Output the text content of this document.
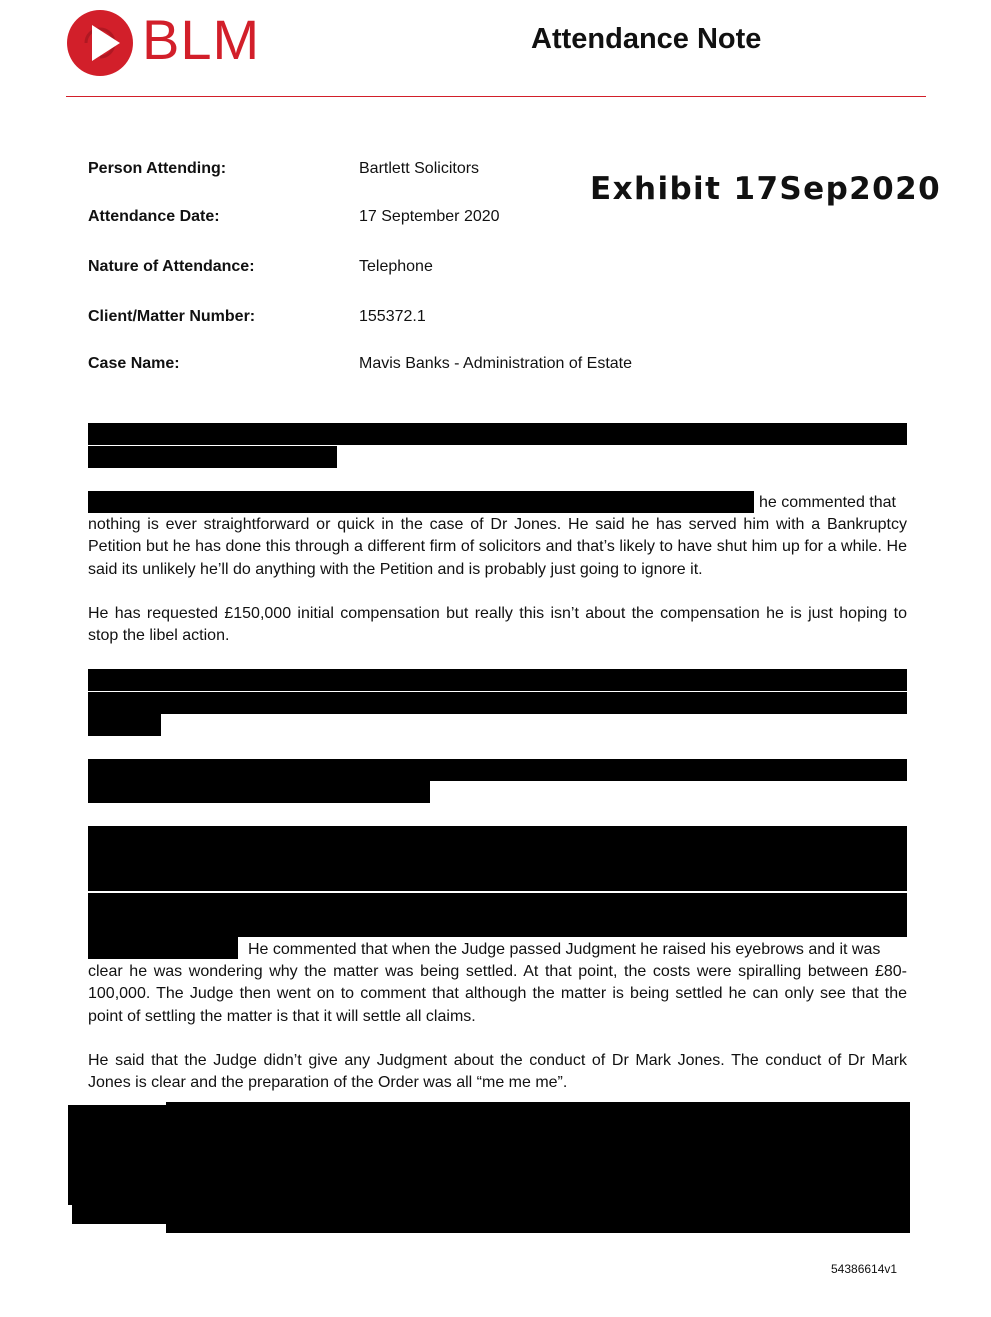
BLM	Attendance Note
Exhibit 17Sep2020
Person Attending:	Bartlett Solicitors
Attendance Date:	17 September 2020
Nature of Attendance:	Telephone
Client/Matter Number:	155372.1
Case Name:	Mavis Banks - Administration of Estate
he commented that

nothing is ever straightforward or quick in the case of Dr Jones. He said he has served him with a Bankruptcy Petition but he has done this through a different firm of solicitors and that’s likely to have shut him up for a while. He said its unlikely he’ll do anything with the Petition and is probably just going to ignore it.

He has requested £150,000 initial compensation but really this isn’t about the compensation he is just hoping to stop the libel action.

He commented that when the Judge passed Judgment he raised his eyebrows and it was

clear he was wondering why the matter was being settled. At that point, the costs were spiralling between £80-100,000. The Judge then went on to comment that although the matter is being settled he can only see that the point of settling the matter is that it will settle all claims.

He said that the Judge didn’t give any Judgment about the conduct of Dr Mark Jones. The conduct of Dr Mark Jones is clear and the preparation of the Order was all “me me me”.

54386614v1
